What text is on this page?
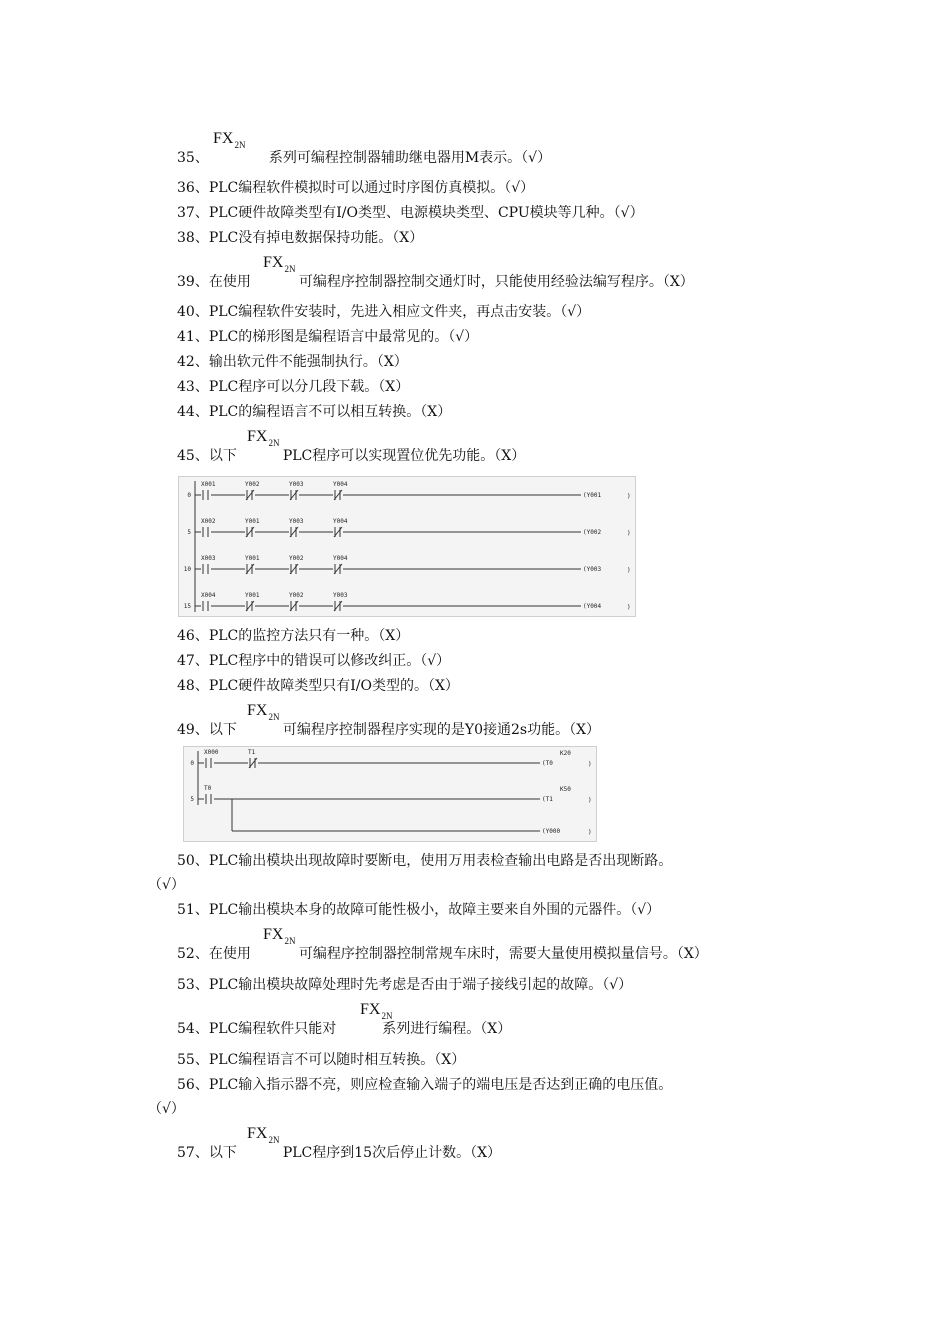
$FX_{2N}$
35、	系列可编程控制器辅助继电器用M表示。（√）
36、PLC编程软件模拟时可以通过时序图仿真模拟。（√）
37、PLC硬件故障类型有I/O类型、电源模块类型、CPU模块等几种。（√）
38、PLC没有掉电数据保持功能。（X）
$FX_{2N}$
39、在使用	可编程序控制器控制交通灯时，只能使用经验法编写程序。（X）
40、PLC编程软件安装时，先进入相应文件夹，再点击安装。（√）
41、PLC的梯形图是编程语言中最常见的。（√）
42、输出软元件不能强制执行。（X）
43、PLC程序可以分几段下载。（X）
44、PLC的编程语言不可以相互转换。（X）
$FX_{2N}$
45、以下	PLC程序可以实现置位优先功能。（X）
0
X001	Y002	Y003	Y004
(Y001	)
5
X002	Y001	Y003	Y004
(Y002	)
10
X003	Y001	Y002	Y004
(Y003	)
15
X004	Y001	Y002	Y003
(Y004	)
46、PLC的监控方法只有一种。（X）
47、PLC程序中的错误可以修改纠正。（√）
48、PLC硬件故障类型只有I/O类型的。（X）
$FX_{2N}$
49、以下	可编程序控制器程序实现的是Y0接通2s功能。（X）
0
X000	T1
(T0
K20
)
5
T0
(T1
K50
)
(Y000	)
50、PLC输出模块出现故障时要断电，使用万用表检查输出电路是否出现断路。
（√）
51、PLC输出模块本身的故障可能性极小，故障主要来自外围的元器件。（√）
$FX_{2N}$
52、在使用	可编程序控制器控制常规车床时，需要大量使用模拟量信号。（X）
53、PLC输出模块故障处理时先考虑是否由于端子接线引起的故障。（√）
$FX_{2N}$
54、PLC编程软件只能对	系列进行编程。（X）
55、PLC编程语言不可以随时相互转换。（X）
56、PLC输入指示器不亮，则应检查输入端子的端电压是否达到正确的电压值。
（√）
$FX_{2N}$
57、以下	PLC程序到15次后停止计数。（X）
